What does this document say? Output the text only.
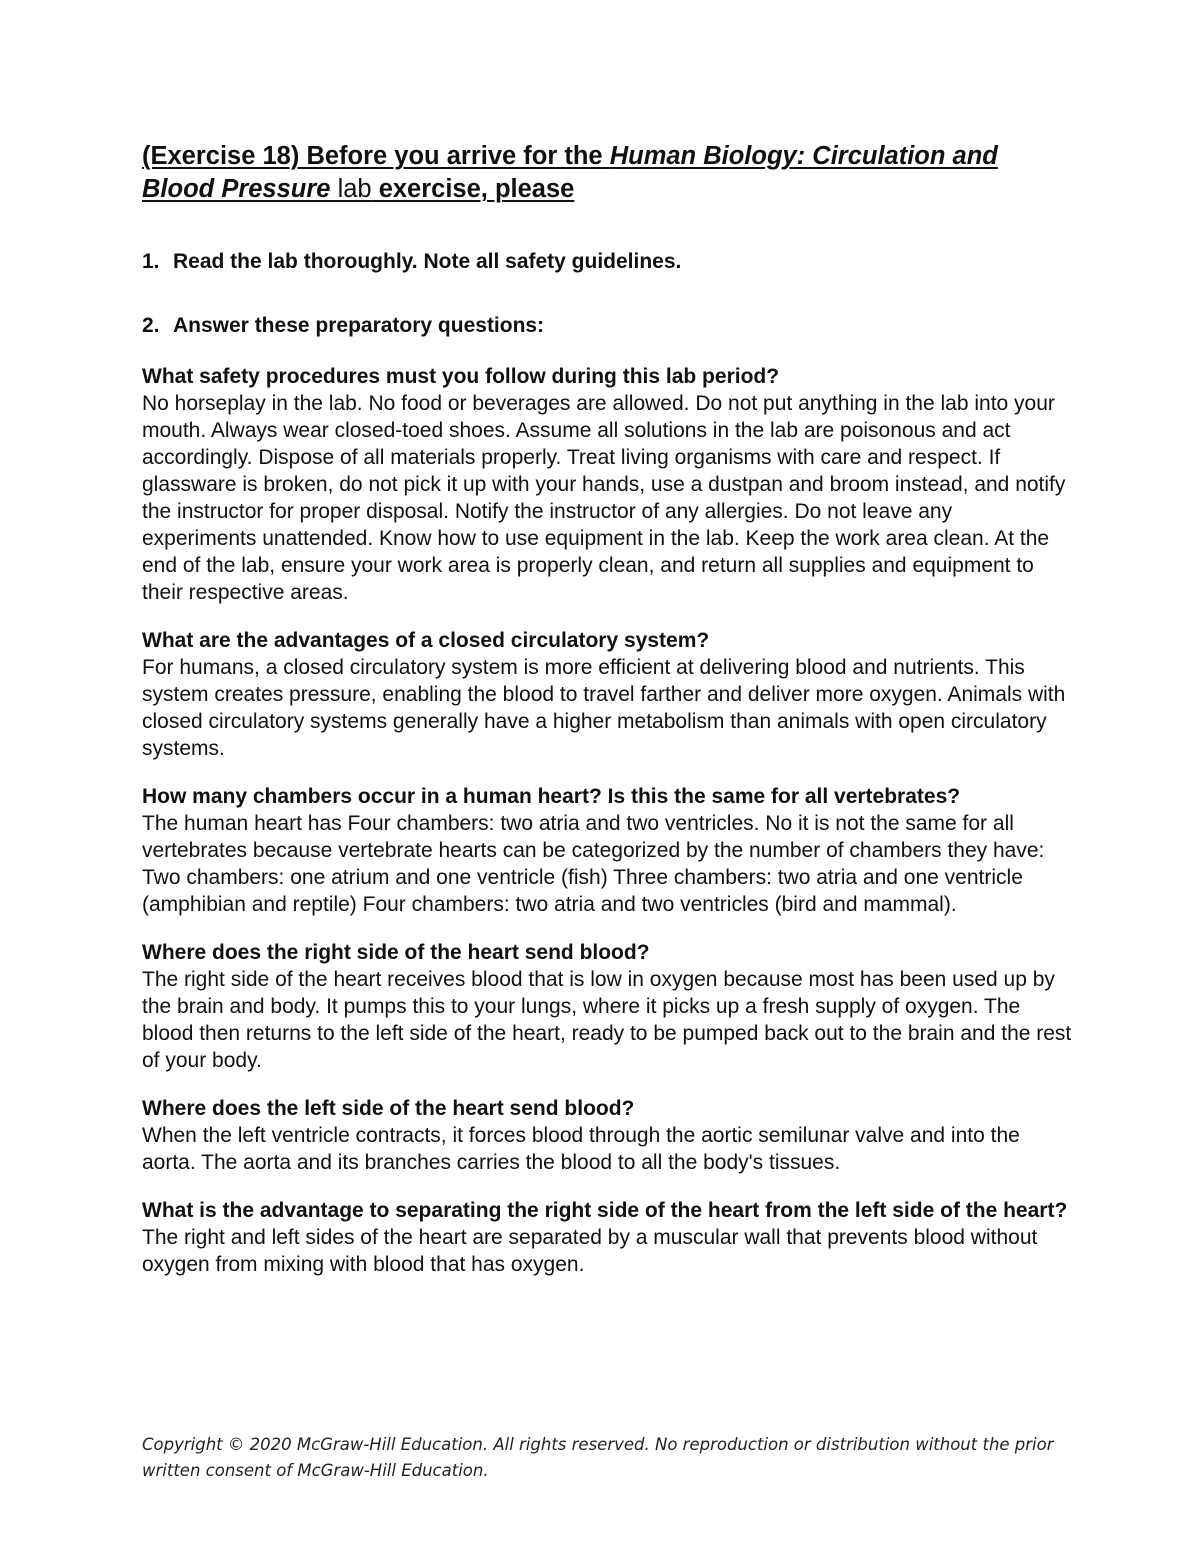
(Exercise 18) Before you arrive for the Human Biology: Circulation and Blood Pressure lab exercise, please
1. Read the lab thoroughly. Note all safety guidelines.
2. Answer these preparatory questions:

What safety procedures must you follow during this lab period?

No horseplay in the lab. No food or beverages are allowed. Do not put anything in the lab into your mouth. Always wear closed-toed shoes. Assume all solutions in the lab are poisonous and act accordingly. Dispose of all materials properly. Treat living organisms with care and respect. If glassware is broken, do not pick it up with your hands, use a dustpan and broom instead, and notify the instructor for proper disposal. Notify the instructor of any allergies. Do not leave any experiments unattended. Know how to use equipment in the lab. Keep the work area clean. At the end of the lab, ensure your work area is properly clean, and return all supplies and equipment to their respective areas.

What are the advantages of a closed circulatory system?

For humans, a closed circulatory system is more efficient at delivering blood and nutrients. This system creates pressure, enabling the blood to travel farther and deliver more oxygen. Animals with closed circulatory systems generally have a higher metabolism than animals with open circulatory systems.

How many chambers occur in a human heart? Is this the same for all vertebrates?

The human heart has Four chambers: two atria and two ventricles. No it is not the same for all vertebrates because vertebrate hearts can be categorized by the number of chambers they have: Two chambers: one atrium and one ventricle (fish) Three chambers: two atria and one ventricle (amphibian and reptile) Four chambers: two atria and two ventricles (bird and mammal).

Where does the right side of the heart send blood?

The right side of the heart receives blood that is low in oxygen because most has been used up by the brain and body. It pumps this to your lungs, where it picks up a fresh supply of oxygen. The blood then returns to the left side of the heart, ready to be pumped back out to the brain and the rest of your body.

Where does the left side of the heart send blood?

When the left ventricle contracts, it forces blood through the aortic semilunar valve and into the aorta. The aorta and its branches carries the blood to all the body's tissues.

What is the advantage to separating the right side of the heart from the left side of the heart?

The right and left sides of the heart are separated by a muscular wall that prevents blood without oxygen from mixing with blood that has oxygen.

Copyright © 2020 McGraw-Hill Education. All rights reserved. No reproduction or distribution without the prior written consent of McGraw-Hill Education.
